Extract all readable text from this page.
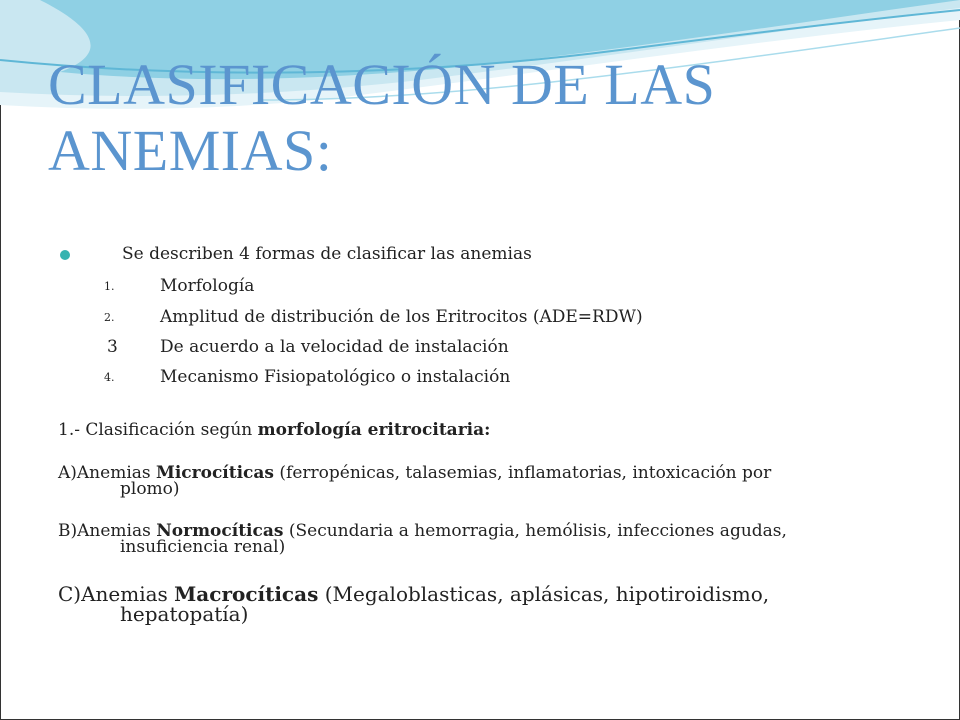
CLASIFICACIÓN DE LAS
ANEMIAS:
Se describen 4 formas de clasificar las anemias
1.	Morfología
2.	Amplitud de distribución de los Eritrocitos (ADE=RDW)
3 De acuerdo a la velocidad de instalación
4.	Mecanismo Fisiopatológico o instalación
1.- Clasificación según morfología eritrocitaria:
A)Anemias Microcíticas (ferropénicas, talasemias, inflamatorias, intoxicación por
plomo)
B)Anemias Normocíticas (Secundaria a hemorragia, hemólisis, infecciones agudas,
insuficiencia renal)
C)Anemias Macrocíticas (Megaloblasticas, aplásicas, hipotiroidismo,
hepatopatía)
